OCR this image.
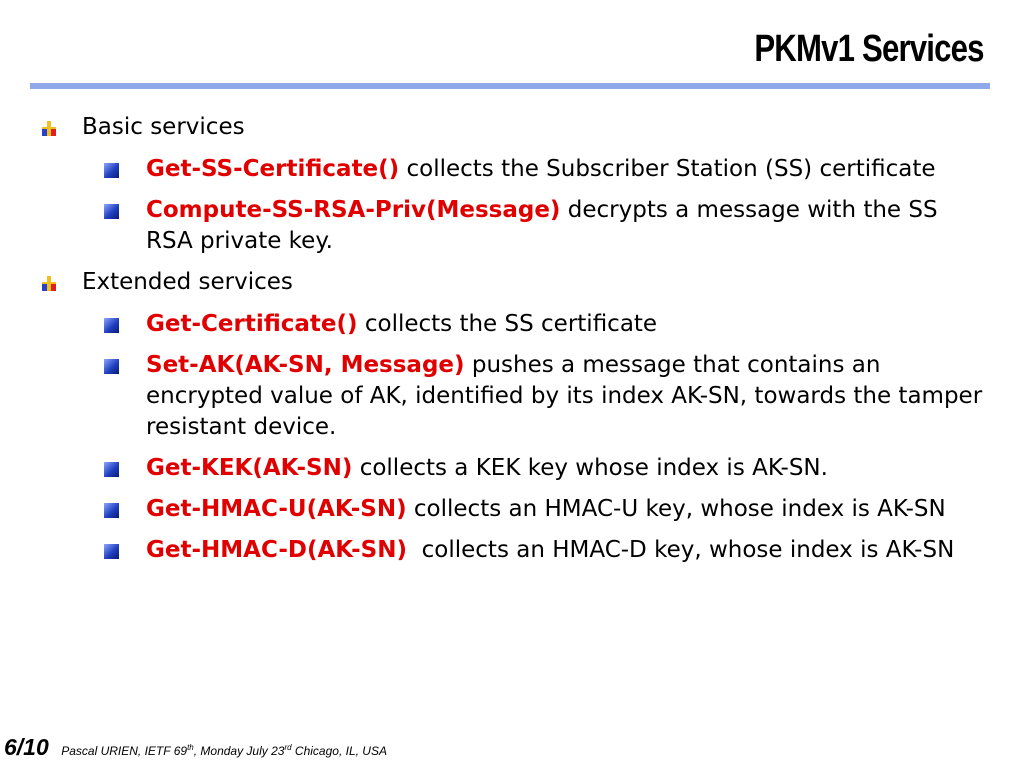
PKMv1 Services
Basic services
Get-SS-Certificate() collects the Subscriber Station (SS) certificate
Compute-SS-RSA-Priv(Message) decrypts a message with the SS RSA private key.
Extended services
Get-Certificate() collects the SS certificate
Set-AK(AK-SN, Message) pushes a message that contains an encrypted value of AK, identified by its index AK-SN, towards the tamper resistant device.
Get-KEK(AK-SN) collects a KEK key whose index is AK-SN.
Get-HMAC-U(AK-SN) collects an HMAC-U key, whose index is AK-SN
Get-HMAC-D(AK-SN)  collects an HMAC-D key, whose index is AK-SN
6/10 Pascal URIEN, IETF 69th, Monday July 23rd Chicago, IL, USA
